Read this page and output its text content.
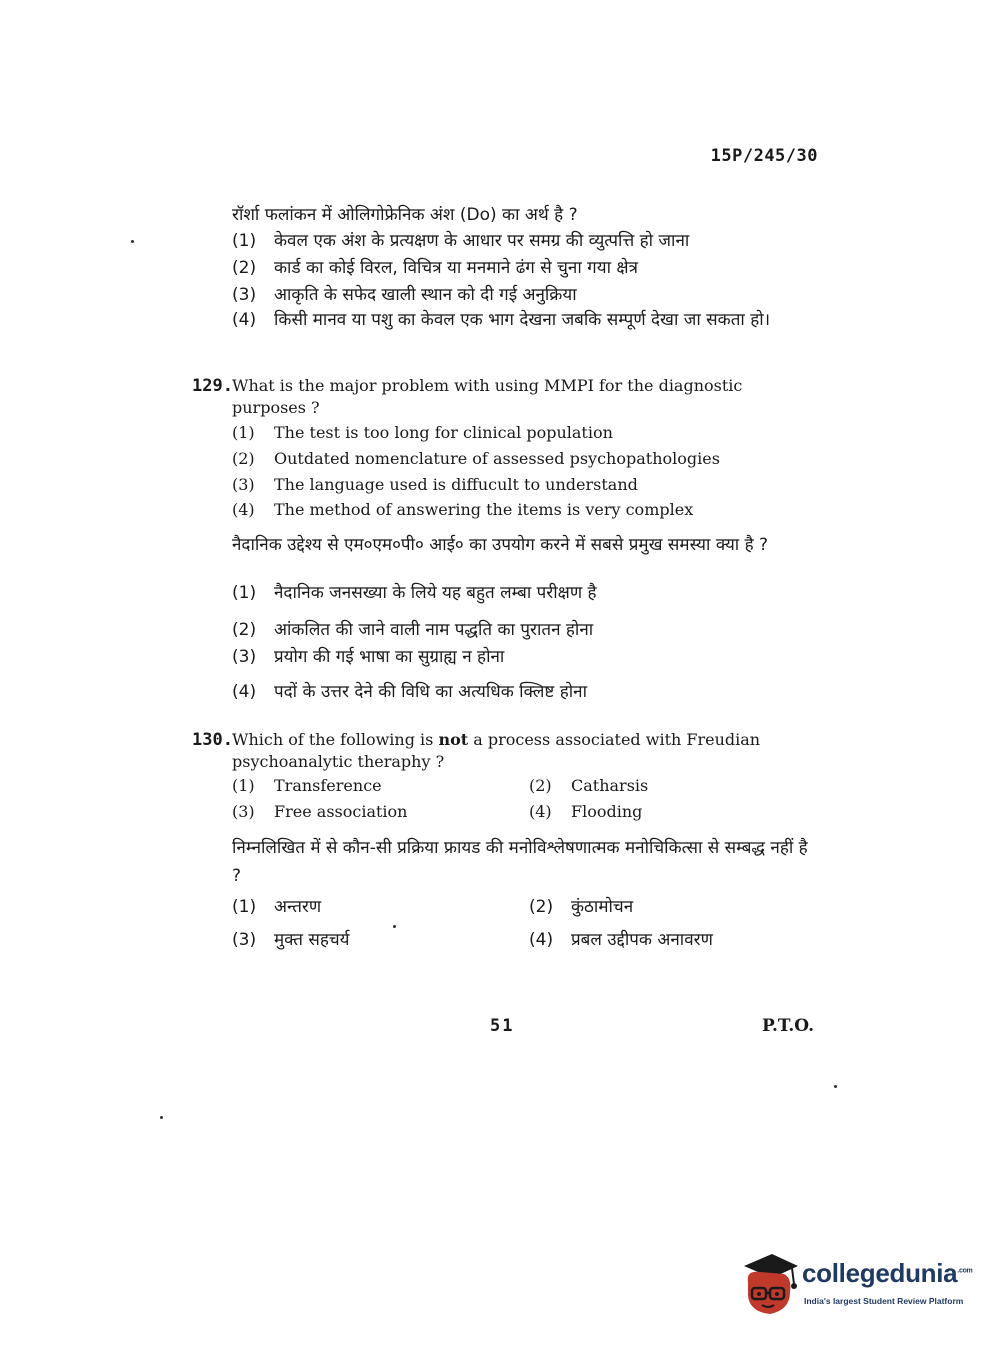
15P/245/30
रॉर्शा फलांकन में ओलिगोफ्रेनिक अंश (Do) का अर्थ है ?
(1) केवल एक अंश के प्रत्यक्षण के आधार पर समग्र की व्युत्पत्ति हो जाना
(2) कार्ड का कोई विरल, विचित्र या मनमाने ढंग से चुना गया क्षेत्र
(3) आकृति के सफेद खाली स्थान को दी गई अनुक्रिया
(4)	किसी मानव या पशु का केवल एक भाग देखना जबकि सम्पूर्ण देखा जा सकता हो।
129. What is the major problem with using MMPI for the diagnostic purposes ?
(1) The test is too long for clinical population
(2) Outdated nomenclature of assessed psychopathologies
(3) The language used is diffucult to understand
(4) The method of answering the items is very complex
नैदानिक उद्देश्य से एम०एम०पी० आई० का उपयोग करने में सबसे प्रमुख समस्या क्या है ?
(1) नैदानिक जनसख्या के लिये यह बहुत लम्बा परीक्षण है
(2) आंकलित की जाने वाली नाम पद्धति का पुरातन होना
(3) प्रयोग की गई भाषा का सुग्राह्य न होना
(4) पदों के उत्तर देने की विधि का अत्यधिक क्लिष्ट होना
130. Which of the following is not a process associated with Freudian psychoanalytic theraphy ?
(1) Transference	(2) Catharsis
(3) Free association	(4) Flooding
निम्नलिखित में से कौन-सी प्रक्रिया फ्रायड की मनोविश्लेषणात्मक मनोचिकित्सा से सम्बद्ध नहीं है ?
(1) अन्तरण	(2) कुंठामोचन
(3) मुक्त सहचर्य	(4) प्रबल उद्दीपक अनावरण
51	P.T.O.
collegedunia$^{.com}$
India's largest Student Review Platform
